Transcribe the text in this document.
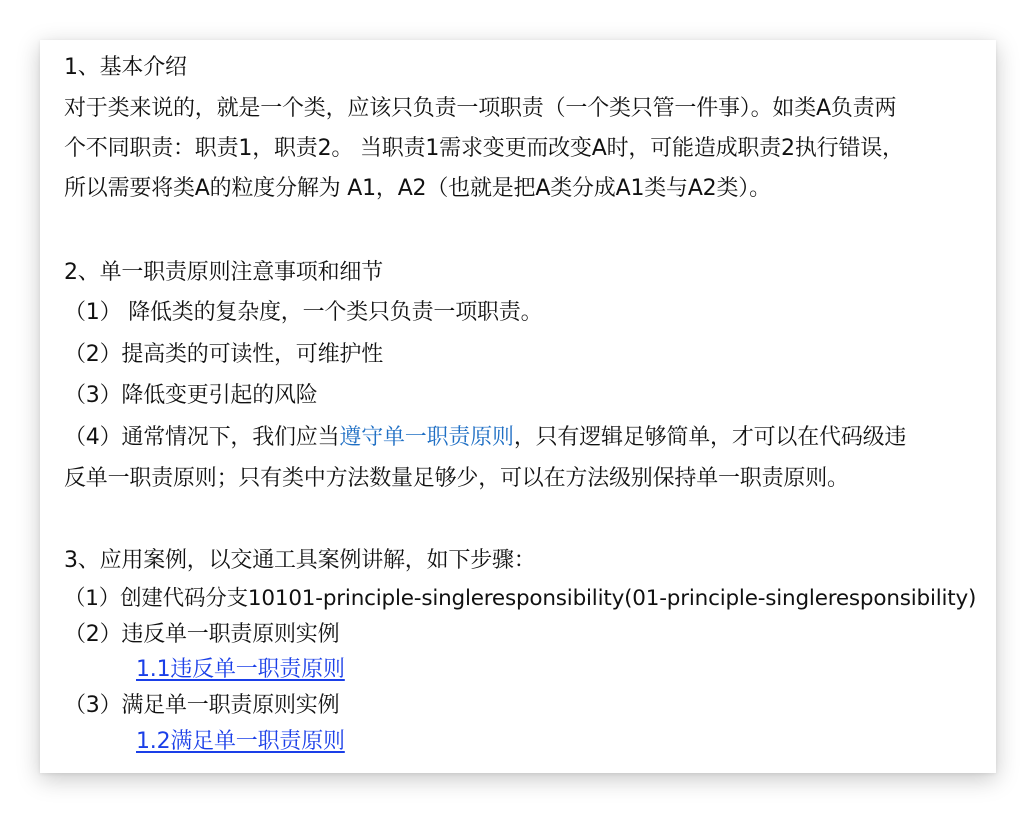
1、基本介绍
对于类来说的，就是一个类，应该只负责一项职责（一个类只管一件事）。如类A负责两
个不同职责：职责1，职责2。 当职责1需求变更而改变A时，可能造成职责2执行错误，
所以需要将类A的粒度分解为 A1，A2（也就是把A类分成A1类与A2类）。
2、单一职责原则注意事项和细节
（1） 降低类的复杂度，一个类只负责一项职责。
（2）提高类的可读性，可维护性
（3）降低变更引起的风险
（4）通常情况下，我们应当遵守单一职责原则，只有逻辑足够简单，才可以在代码级违
反单一职责原则；只有类中方法数量足够少，可以在方法级别保持单一职责原则。
3、应用案例，以交通工具案例讲解，如下步骤：
（1）创建代码分支10101-principle-singleresponsibility(01-principle-singleresponsibility)
（2）违反单一职责原则实例
1.1违反单一职责原则
（3）满足单一职责原则实例
1.2满足单一职责原则
